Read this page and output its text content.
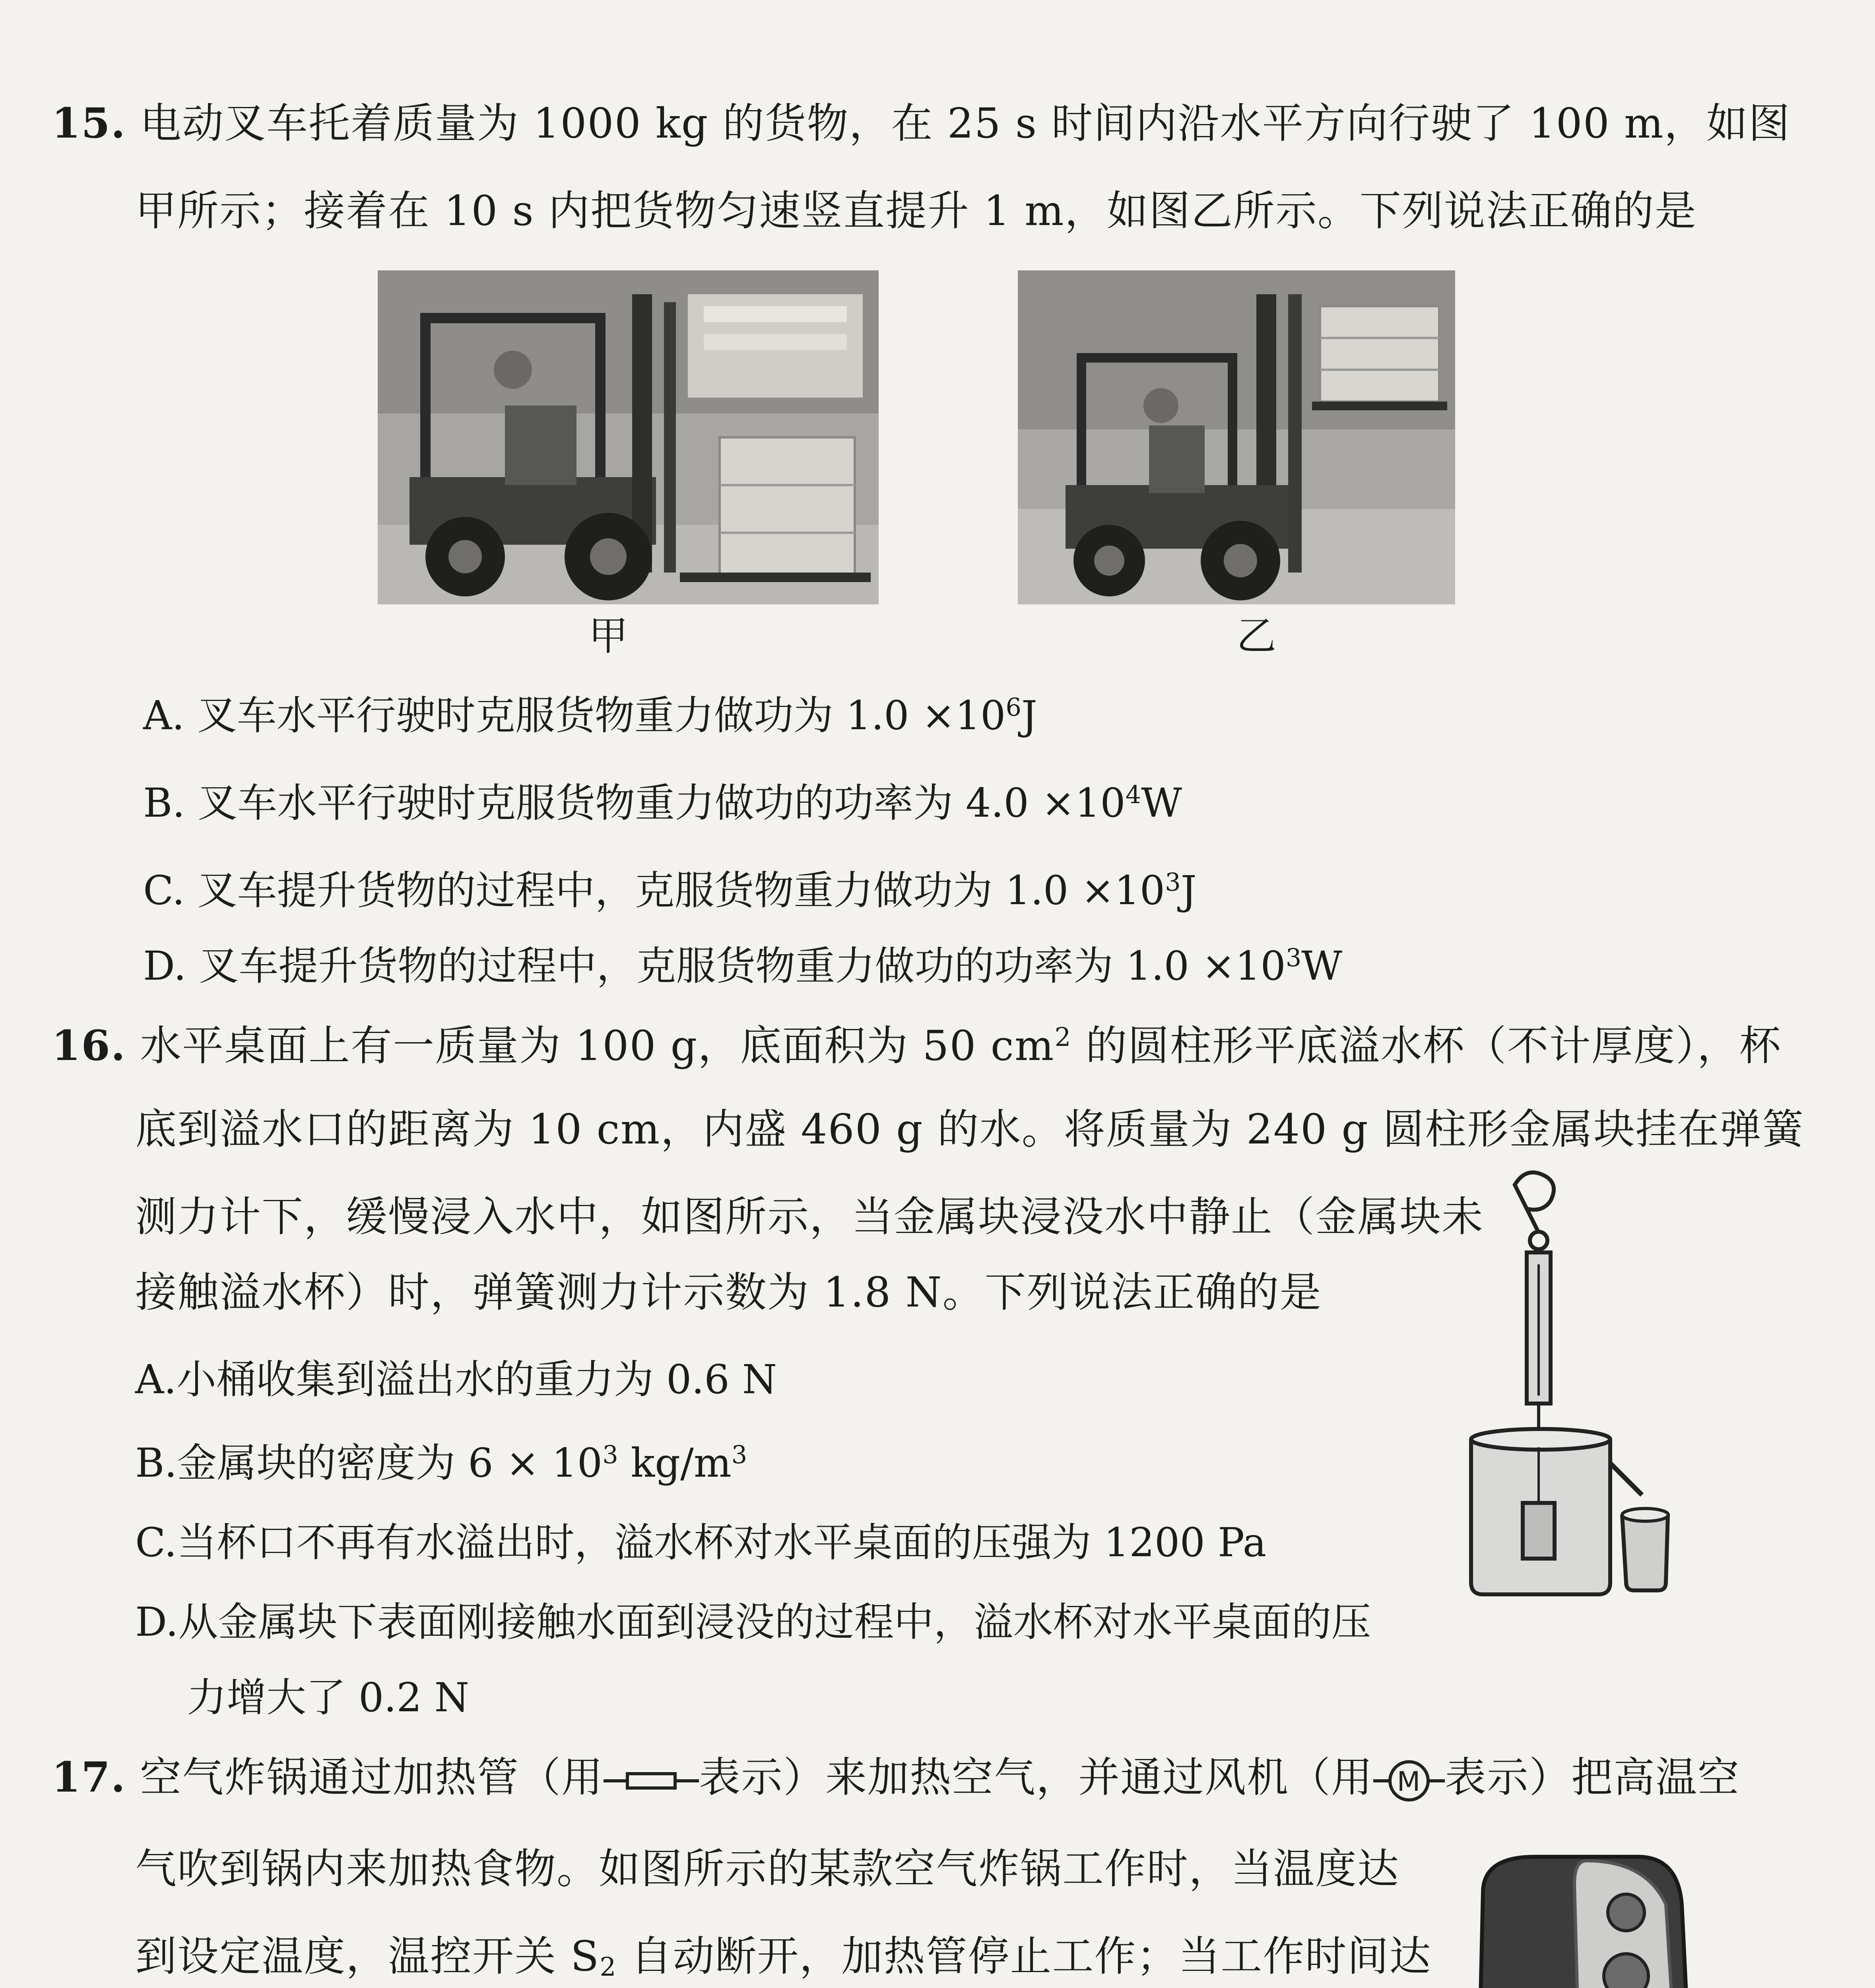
15. 电动叉车托着质量为 1000 kg 的货物，在 25 s 时间内沿水平方向行驶了 100 m，如图
甲所示；接着在 10 s 内把货物匀速竖直提升 1 m，如图乙所示。下列说法正确的是
甲	乙
A. 叉车水平行驶时克服货物重力做功为 $1.0 \times 10^6J$
B. 叉车水平行驶时克服货物重力做功的功率为 $4.0 \times 10^4W$
C. 叉车提升货物的过程中，克服货物重力做功为 $1.0 \times 10^3J$
D. 叉车提升货物的过程中，克服货物重力做功的功率为 $1.0 \times 10^3W$
16. 水平桌面上有一质量为 100 g，底面积为 50 $cm^2$ 的圆柱形平底溢水杯（不计厚度），杯
底到溢水口的距离为 10 cm，内盛 460 g 的水。将质量为 240 g 圆柱形金属块挂在弹簧
测力计下，缓慢浸入水中，如图所示，当金属块浸没水中静止（金属块未
接触溢水杯）时，弹簧测力计示数为 1.8 N。下列说法正确的是
A.小桶收集到溢出水的重力为 0.6 N
B.金属块的密度为 $6 \times 10^3$ $kg/m^3$
C.当杯口不再有水溢出时，溢水杯对水平桌面的压强为 1200 Pa
D.从金属块下表面刚接触水面到浸没的过程中，溢水杯对水平桌面的压
力增大了 0.2 N
17. 空气炸锅通过加热管（用 表示）来加热空气，并通过风机（用 M 表示）把高温空
气吹到锅内来加热食物。如图所示的某款空气炸锅工作时，当温度达
到设定温度，温控开关 $S_2$ 自动断开，加热管停止工作；当工作时间达
